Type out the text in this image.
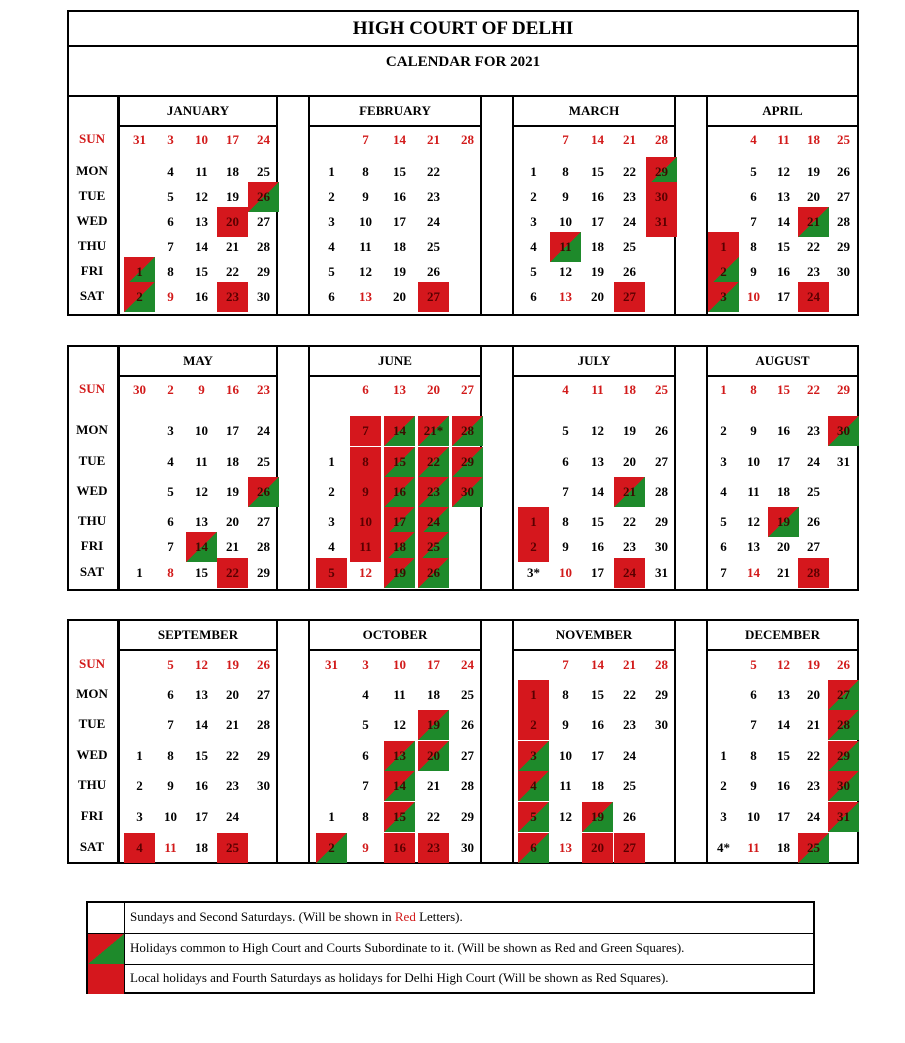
HIGH COURT OF DELHI
CALENDAR FOR 2021
SUN
MON
TUE
WED
THU
FRI
SAT
JANUARY
31
1
2
3
4
5
6
7
8
9
10
11
12
13
14
15
16
17
18
19
20
21
22
23
24
25
26
27
28
29
30
FEBRUARY
1
2
3
4
5
6
7
8
9
10
11
12
13
14
15
16
17
18
19
20
21
22
23
24
25
26
27
28
MARCH
1
2
3
4
5
6
7
8
9
10
11
12
13
14
15
16
17
18
19
20
21
22
23
24
25
26
27
28
29
30
31
APRIL
1
2
3
4
5
6
7
8
9
10
11
12
13
14
15
16
17
18
19
20
21
22
23
24
25
26
27
28
29
30
SUN
MON
TUE
WED
THU
FRI
SAT
MAY
30
1
2
3
4
5
6
7
8
9
10
11
12
13
14
15
16
17
18
19
20
21
22
23
24
25
26
27
28
29
JUNE
1
2
3
4
5
6
7
8
9
10
11
12
13
14
15
16
17
18
19
20
21*
22
23
24
25
26
27
28
29
30
JULY
1
2
3*
4
5
6
7
8
9
10
11
12
13
14
15
16
17
18
19
20
21
22
23
24
25
26
27
28
29
30
31
AUGUST
1
2
3
4
5
6
7
8
9
10
11
12
13
14
15
16
17
18
19
20
21
22
23
24
25
26
27
28
29
30
31
SUN
MON
TUE
WED
THU
FRI
SAT
SEPTEMBER
1
2
3
4
5
6
7
8
9
10
11
12
13
14
15
16
17
18
19
20
21
22
23
24
25
26
27
28
29
30
OCTOBER
31
1
2
3
4
5
6
7
8
9
10
11
12
13
14
15
16
17
18
19
20
21
22
23
24
25
26
27
28
29
30
NOVEMBER
1
2
3
4
5
6
7
8
9
10
11
12
13
14
15
16
17
18
19
20
21
22
23
24
25
26
27
28
29
30
DECEMBER
1
2
3
4*
5
6
7
8
9
10
11
12
13
14
15
16
17
18
19
20
21
22
23
24
25
26
27
28
29
30
31
Sundays and Second Saturdays. (Will be shown in Red Letters).
Holidays common to High Court and Courts Subordinate to it. (Will be shown as Red and Green Squares).
Local holidays and Fourth Saturdays as holidays for Delhi High Court (Will be shown as Red Squares).
